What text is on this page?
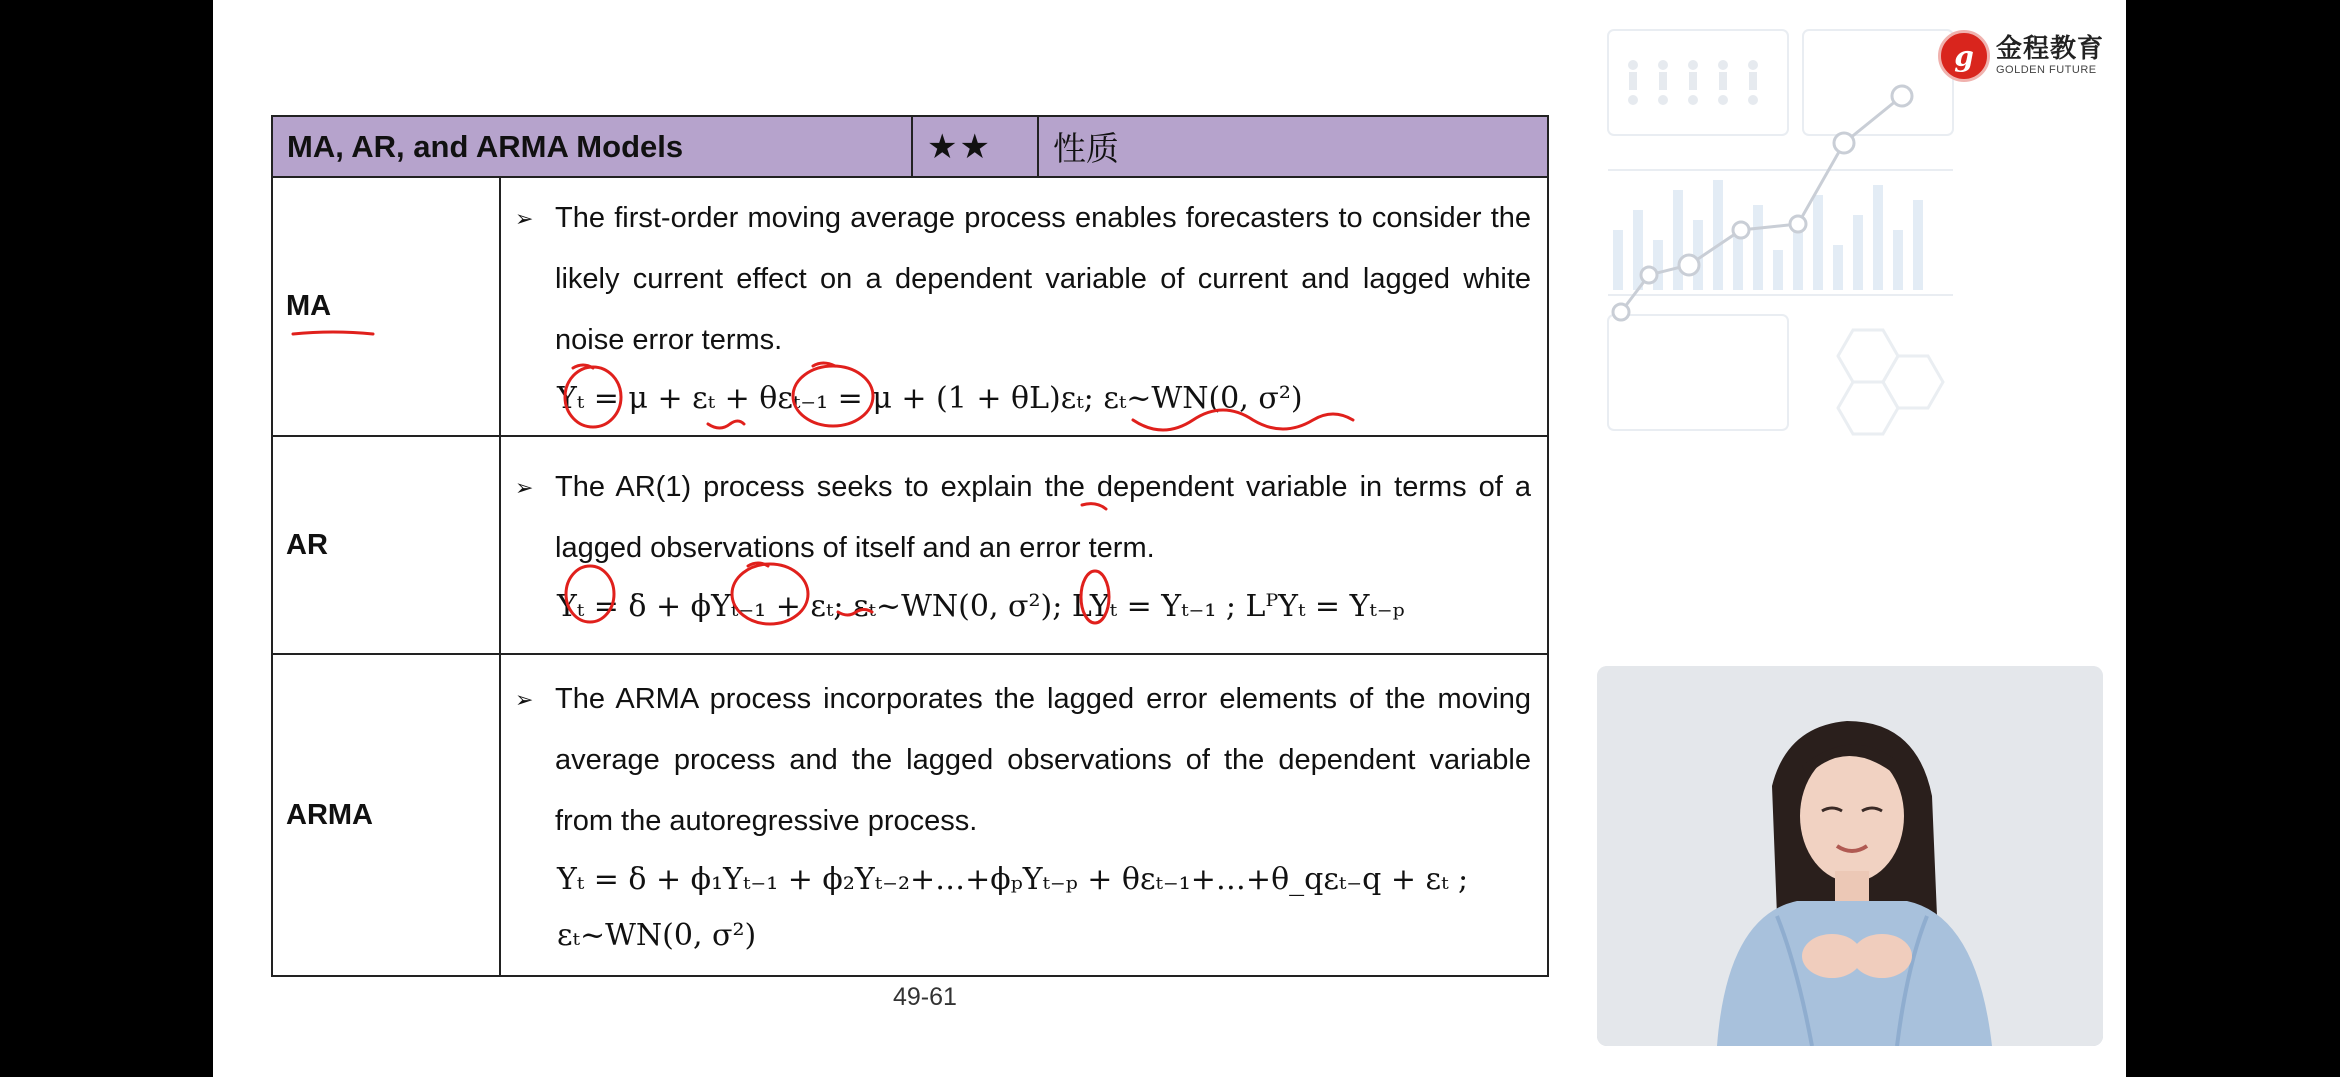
g 金程教育
GOLDEN FUTURE
MA, AR, and ARMA Models		★★	性质
MA	➢ The first-order moving average process enables forecasters to consider the likely current effect on a dependent variable of current and lagged white noise error terms.

Yₜ = μ + εₜ + θεₜ₋₁ = μ + (1 + θL)εₜ; εₜ~WN(0, σ²)		

AR	➢ The AR(1) process seeks to explain the dependent variable in terms of a lagged observations of itself and an error term.

Yₜ = δ + ϕYₜ₋₁ + εₜ; εₜ~WN(0, σ²); LYₜ = Yₜ₋₁ ; LᴾYₜ = Yₜ₋ₚ		

ARMA	➢ The ARMA process incorporates the lagged error elements of the moving average process and the lagged observations of the dependent variable from the autoregressive process.

Yₜ = δ + ϕ₁Yₜ₋₁ + ϕ₂Yₜ₋₂+…+ϕₚYₜ₋ₚ + θεₜ₋₁+…+θ_qεₜ₋q + εₜ ;
εₜ~WN(0, σ²)		
49-61
